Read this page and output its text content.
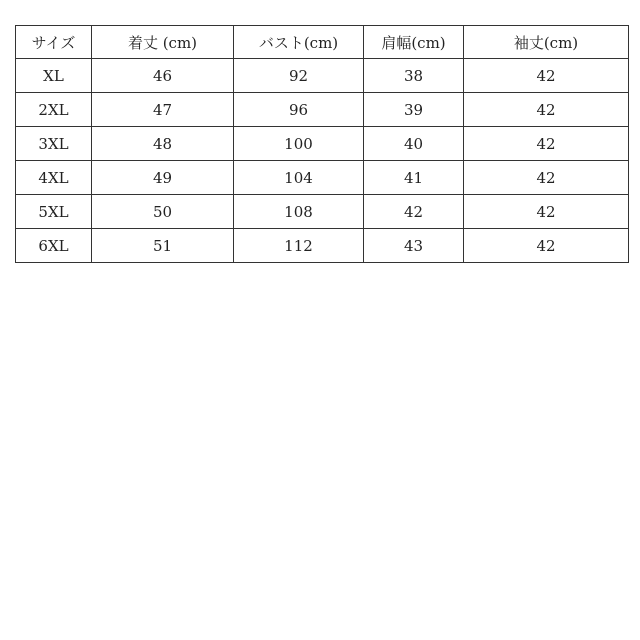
サイズ	着丈 (cm)	バスト(cm)	肩幅(cm)	袖丈(cm)
XL	46	92	38	42
2XL	47	96	39	42
3XL	48	100	40	42
4XL	49	104	41	42
5XL	50	108	42	42
6XL	51	112	43	42
